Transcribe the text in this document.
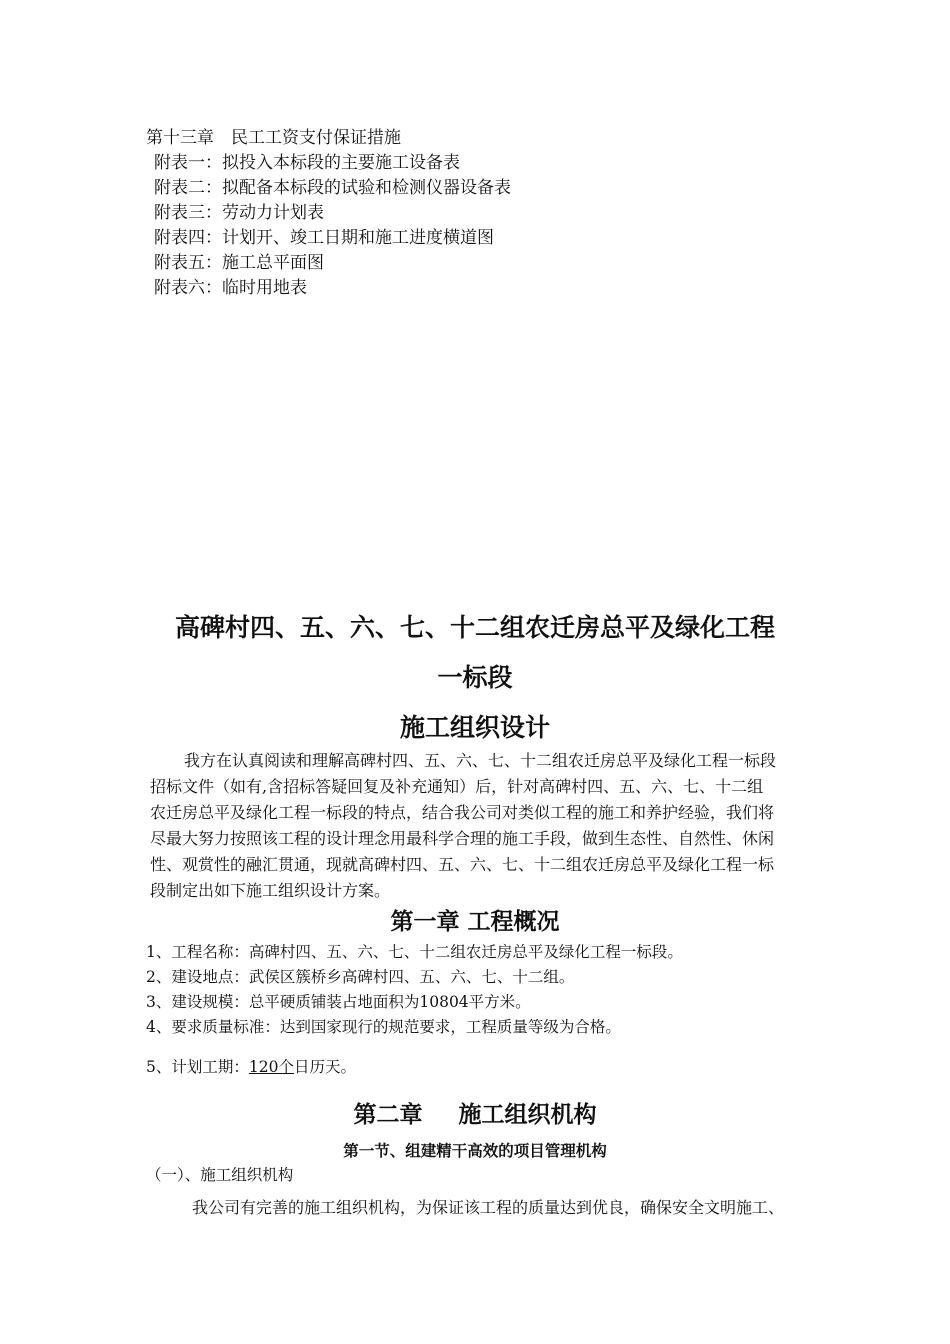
第十三章　民工工资支付保证措施
附表一：拟投入本标段的主要施工设备表
附表二：拟配备本标段的试验和检测仪器设备表
附表三：劳动力计划表
附表四：计划开、竣工日期和施工进度横道图
附表五：施工总平面图
附表六：临时用地表
高碑村四、五、六、七、十二组农迁房总平及绿化工程
一标段
施工组织设计
我方在认真阅读和理解高碑村四、五、六、七、十二组农迁房总平及绿化工程一标段
招标文件（如有,含招标答疑回复及补充通知）后，针对高碑村四、五、六、七、十二组
农迁房总平及绿化工程一标段的特点，结合我公司对类似工程的施工和养护经验，我们将
尽最大努力按照该工程的设计理念用最科学合理的施工手段，做到生态性、自然性、休闲
性、观赏性的融汇贯通，现就高碑村四、五、六、七、十二组农迁房总平及绿化工程一标
段制定出如下施工组织设计方案。
第一章 工程概况
1、工程名称：高碑村四、五、六、七、十二组农迁房总平及绿化工程一标段。
2、建设地点：武侯区簇桥乡高碑村四、五、六、七、十二组。
3、建设规模：总平硬质铺装占地面积为10804平方米。
4、要求质量标准：达到国家现行的规范要求，工程质量等级为合格。
5、计划工期：120个日历天。
第二章 施工组织机构
第一节、组建精干高效的项目管理机构
（一）、施工组织机构
我公司有完善的施工组织机构，为保证该工程的质量达到优良，确保安全文明施工、
